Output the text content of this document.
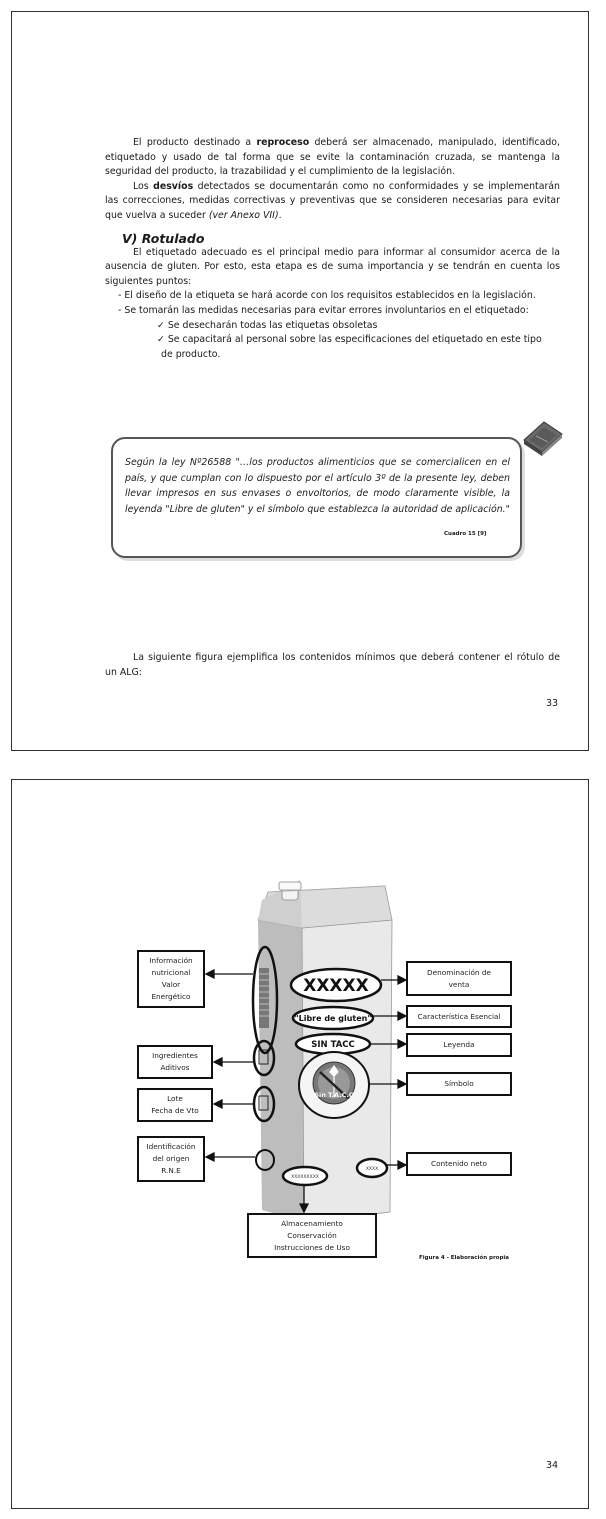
El producto destinado a reproceso deberá ser almacenado, manipulado, identificado, etiquetado y usado de tal forma que se evite la contaminación cruzada, se mantenga la seguridad del producto, la trazabilidad y el cumplimiento de la legislación.

Los desvíos detectados se documentarán como no conformidades y se implementarán las correcciones, medidas correctivas y preventivas que se consideren necesarias para evitar que vuelva a suceder (ver Anexo VII).

V) Rotulado

El etiquetado adecuado es el principal medio para informar al consumidor acerca de la ausencia de gluten. Por esto, esta etapa es de suma importancia y se tendrán en cuenta los siguientes puntos:

- El diseño de la etiqueta se hará acorde con los requisitos establecidos en la legislación.

- Se tomarán las medidas necesarias para evitar errores involuntarios en el etiquetado:

✓ Se desecharán todas las etiquetas obsoletas

✓ Se capacitará al personal sobre las especificaciones del etiquetado en este tipo

de producto.

Según la ley Nº26588 "…los productos alimenticios que se comercialicen en el país, y que cumplan con lo dispuesto por el artículo 3º de la presente ley, deben llevar impresos en sus envases o envoltorios, de modo claramente visible, la leyenda "Libre de gluten" y el símbolo que establezca la autoridad de aplicación."
Cuadro 15 [9]

La siguiente figura ejemplifica los contenidos mínimos que deberá contener el rótulo de un ALG:

33
XXXXX
"Libre de gluten"
SIN TACC
Sin T.A.C.C
XXXXXXXXX
XXXX
Información
nutricional
Valor
Energético
Ingredientes
Aditivos
Lote
Fecha de Vto
Identificación
del origen
R.N.E
Denominación de
venta
Característica Esencial
Leyenda
Símbolo
Contenido neto
Almacenamiento
Conservación
Instrucciones de Uso
Figura 4 - Elaboración propia
34
